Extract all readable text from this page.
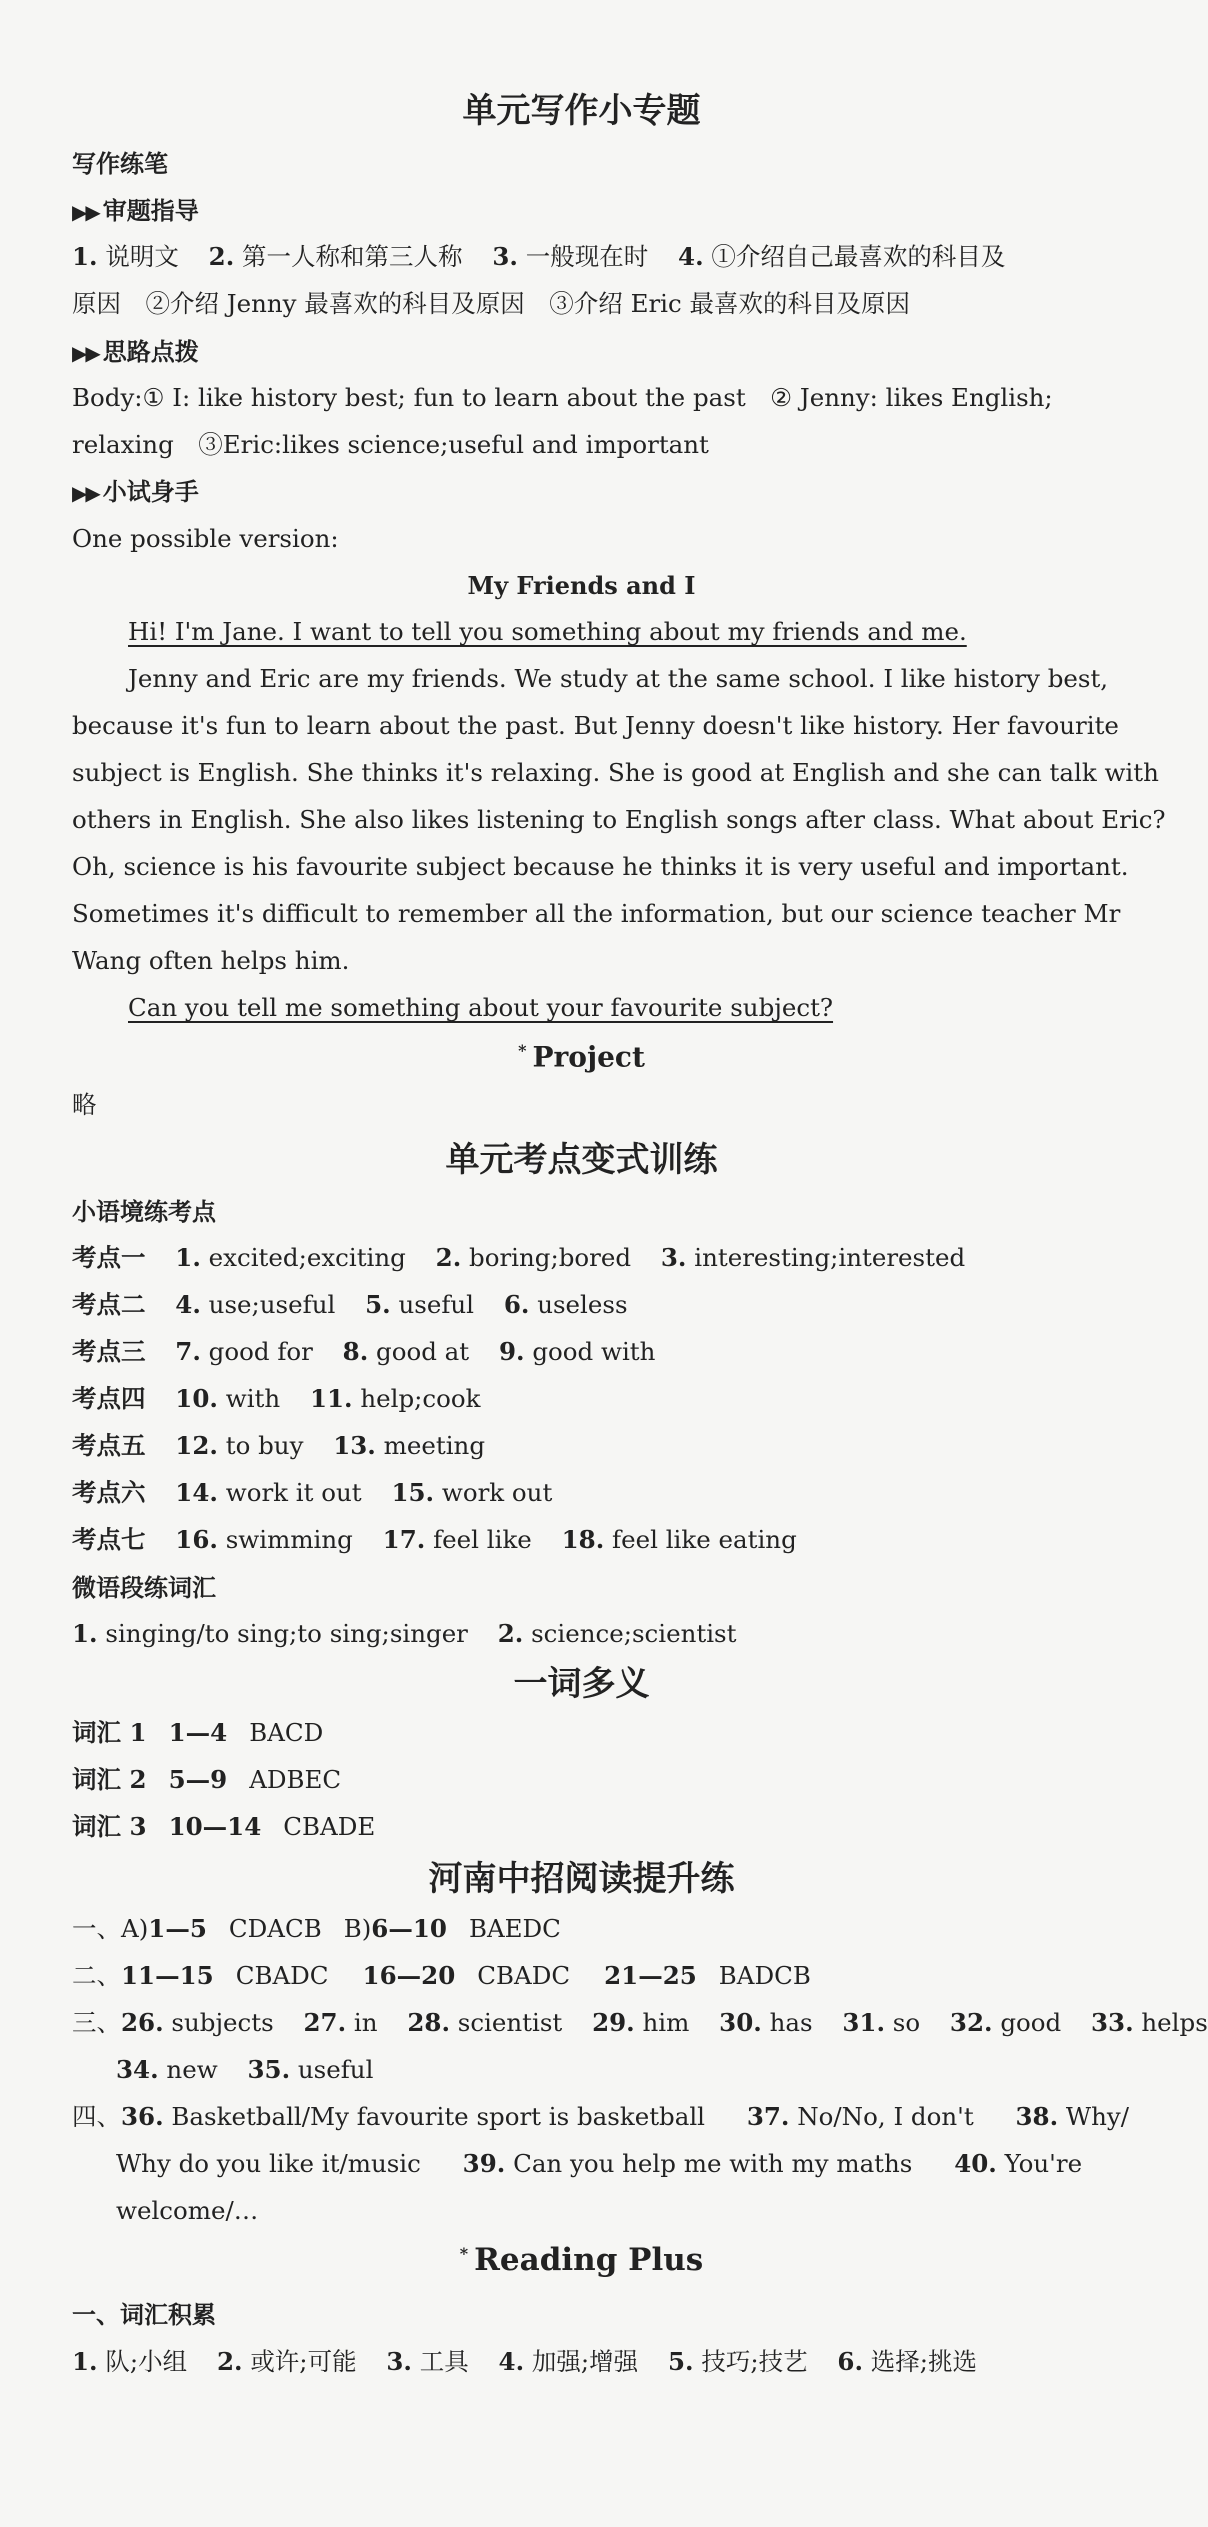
单元写作小专题
写作练笔
▶▶ 审题指导
1. 说明文 2. 第一人称和第三人称 3. 一般现在时 4. ①介绍自己最喜欢的科目及
原因　②介绍 Jenny 最喜欢的科目及原因　③介绍 Eric 最喜欢的科目及原因
▶▶ 思路点拨
Body:① I: like history best; fun to learn about the past　② Jenny: likes English;
relaxing　③Eric:likes science;useful and important
▶▶ 小试身手
One possible version:
My Friends and I
Hi! I'm Jane. I want to tell you something about my friends and me.
Jenny and Eric are my friends. We study at the same school. I like history best,
because it's fun to learn about the past. But Jenny doesn't like history. Her favourite
subject is English. She thinks it's relaxing. She is good at English and she can talk with
others in English. She also likes listening to English songs after class. What about Eric?
Oh, science is his favourite subject because he thinks it is very useful and important.
Sometimes it's difficult to remember all the information, but our science teacher Mr
Wang often helps him.
Can you tell me something about your favourite subject?
* Project
略
单元考点变式训练
小语境练考点
考点一 1. excited;exciting 2. boring;bored 3. interesting;interested
考点二 4. use;useful 5. useful 6. useless
考点三 7. good for 8. good at 9. good with
考点四 10. with 11. help;cook
考点五 12. to buy 13. meeting
考点六 14. work it out 15. work out
考点七 16. swimming 17. feel like 18. feel like eating
微语段练词汇
1. singing/to sing;to sing;singer 2. science;scientist
一词多义
词汇 1 1—4 BACD
词汇 2 5—9 ADBEC
词汇 3 10—14 CBADE
河南中招阅读提升练
一、A)1—5 CDACB B)6—10 BAEDC
二、11—15 CBADC 16—20 CBADC 21—25 BADCB
三、26. subjects 27. in 28. scientist 29. him 30. has 31. so 32. good 33. helps
34. new 35. useful
四、36. Basketball/My favourite sport is basketball 37. No/No, I don't 38. Why/
Why do you like it/music 39. Can you help me with my maths 40. You're
welcome/…
* Reading Plus
一、词汇积累
1. 队;小组 2. 或许;可能 3. 工具 4. 加强;增强 5. 技巧;技艺 6. 选择;挑选
